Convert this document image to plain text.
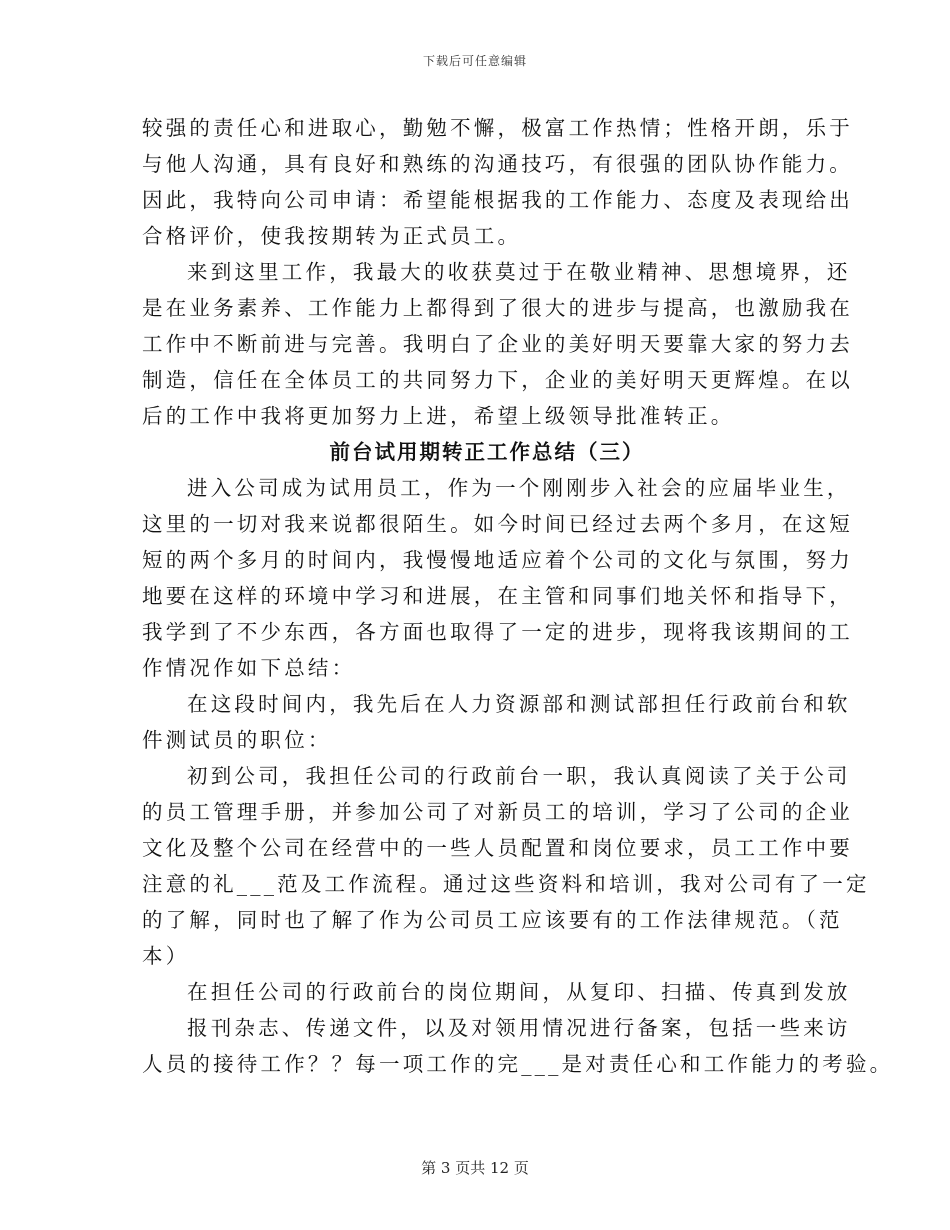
下载后可任意编辑
较强的责任心和进取心，勤勉不懈，极富工作热情；性格开朗，乐于
与他人沟通，具有良好和熟练的沟通技巧，有很强的团队协作能力。
因此，我特向公司申请：希望能根据我的工作能力、态度及表现给出
合格评价，使我按期转为正式员工。
来到这里工作，我最大的收获莫过于在敬业精神、思想境界，还
是在业务素养、工作能力上都得到了很大的进步与提高，也激励我在
工作中不断前进与完善。我明白了企业的美好明天要靠大家的努力去
制造，信任在全体员工的共同努力下，企业的美好明天更辉煌。在以
后的工作中我将更加努力上进，希望上级领导批准转正。
前台试用期转正工作总结（三）
进入公司成为试用员工，作为一个刚刚步入社会的应届毕业生，
这里的一切对我来说都很陌生。如今时间已经过去两个多月，在这短
短的两个多月的时间内，我慢慢地适应着个公司的文化与氛围，努力
地要在这样的环境中学习和进展，在主管和同事们地关怀和指导下，
我学到了不少东西，各方面也取得了一定的进步，现将我该期间的工
作情况作如下总结：
在这段时间内，我先后在人力资源部和测试部担任行政前台和软
件测试员的职位：
初到公司，我担任公司的行政前台一职，我认真阅读了关于公司
的员工管理手册，并参加公司了对新员工的培训，学习了公司的企业
文化及整个公司在经营中的一些人员配置和岗位要求，员工工作中要
注意的礼___范及工作流程。通过这些资料和培训，我对公司有了一定
的了解，同时也了解了作为公司员工应该要有的工作法律规范。（范
本）
在担任公司的行政前台的岗位期间，从复印、扫描、传真到发放
报刊杂志、传递文件，以及对领用情况进行备案，包括一些来访
人员的接待工作？？每一项工作的完___是对责任心和工作能力的考验。
第 3 页共 12 页
